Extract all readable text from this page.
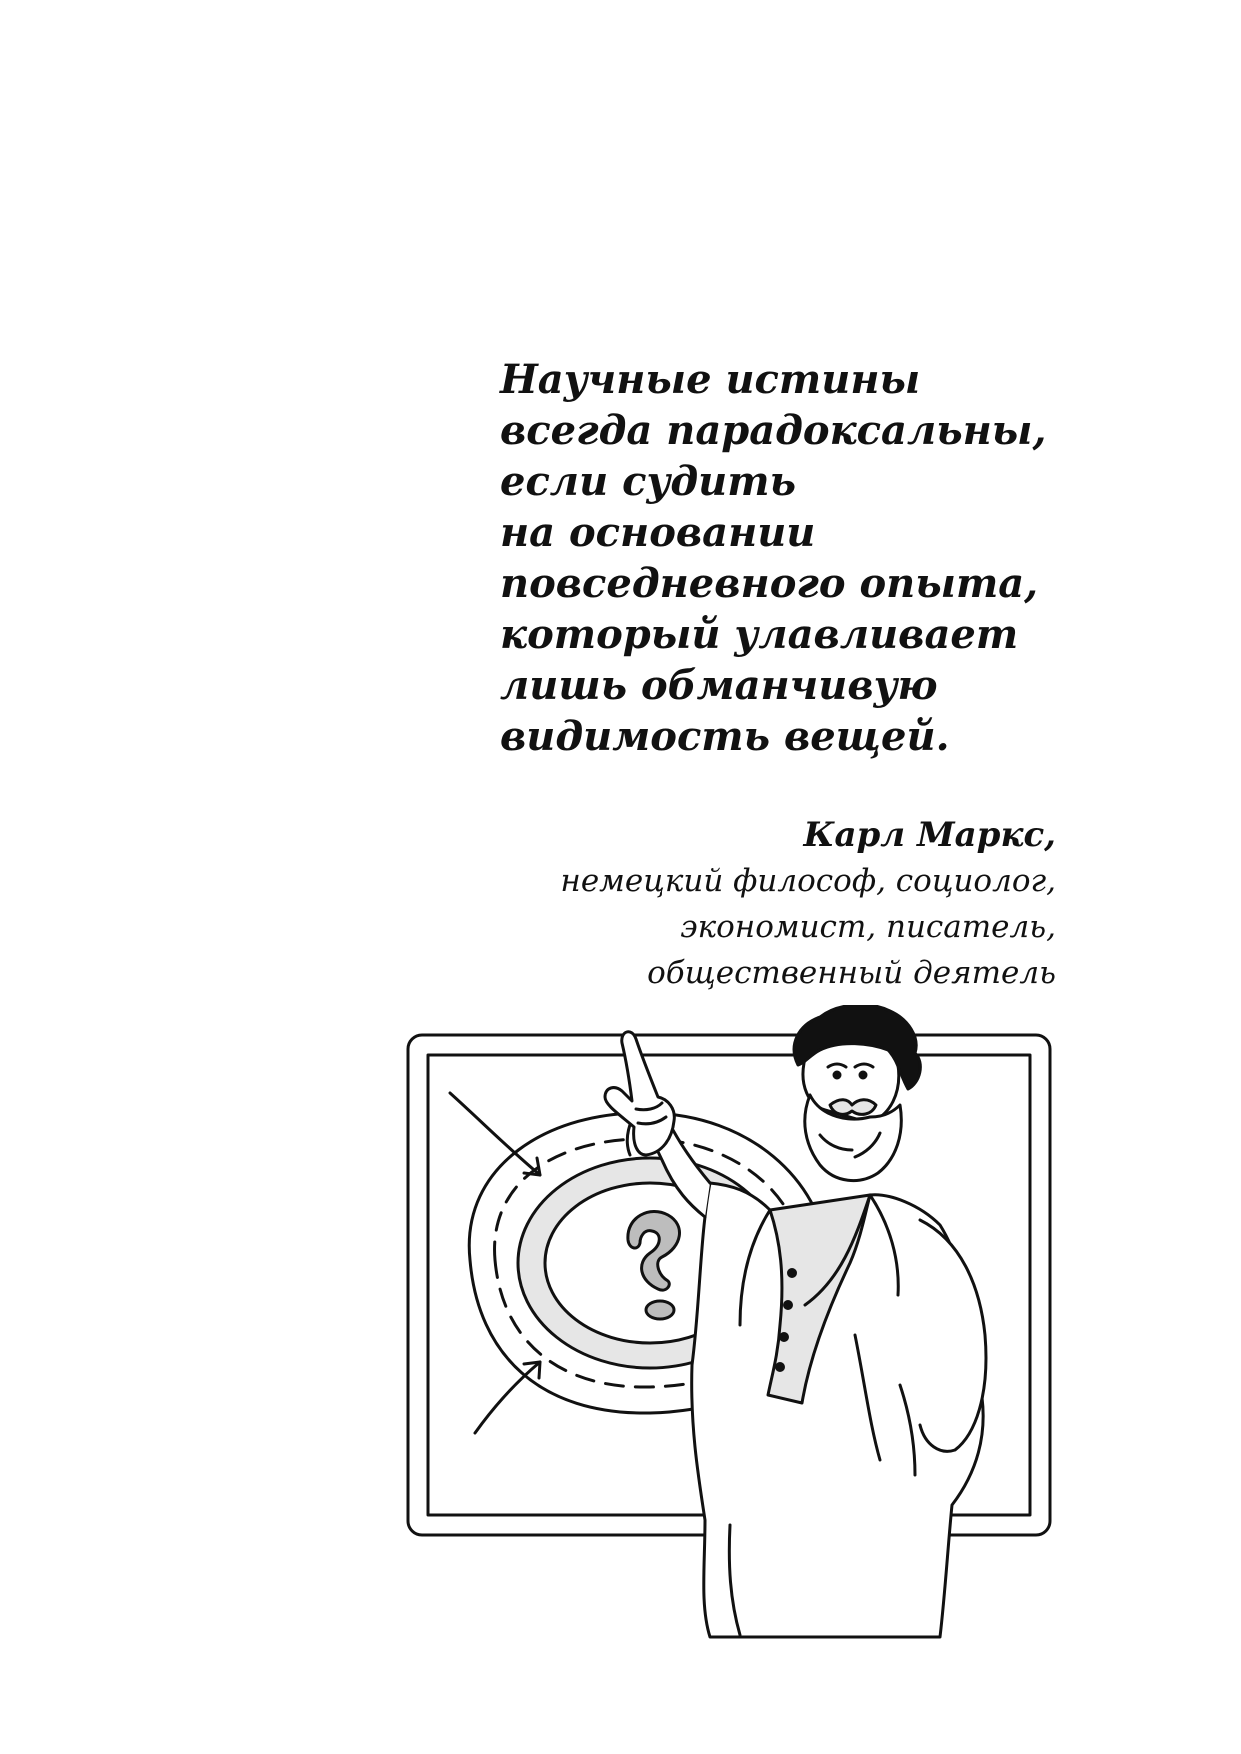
Научные истины
всегда парадоксальны,
если судить
на основании
повседневного опыта,
который улавливает
лишь обманчивую
видимость вещей.
Карл Маркс,
немецкий философ, социолог,
экономист, писатель,
общественный деятель
